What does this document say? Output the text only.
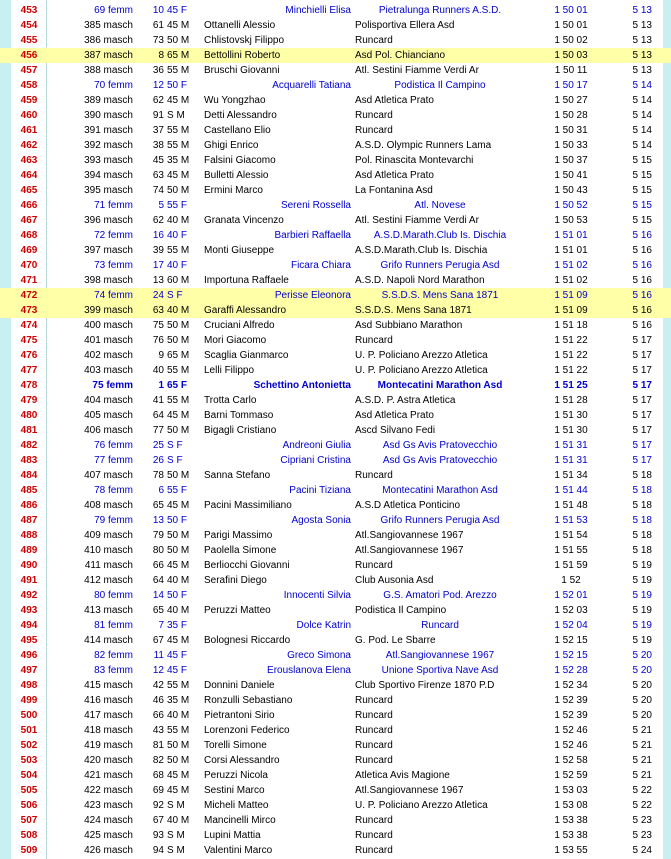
453	69 femm	10 45 F	Minchielli Elisa	Pietralunga Runners A.S.D.	1 50 01	5 13
454	385 masch	61 45 M	Ottanelli Alessio	Polisportiva Ellera Asd	1 50 01	5 13
455	386 masch	73 50 M	Chlistovskj Filippo	Runcard	1 50 02	5 13
456	387 masch	8 65 M	Bettollini Roberto	Asd Pol. Chianciano	1 50 03	5 13
457	388 masch	36 55 M	Bruschi Giovanni	Atl. Sestini Fiamme Verdi Ar	1 50 11	5 13
458	70 femm	12 50 F	Acquarelli Tatiana	Podistica Il Campino	1 50 17	5 14
459	389 masch	62 45 M	Wu Yongzhao	Asd Atletica Prato	1 50 27	5 14
460	390 masch	91 S M	Detti Alessandro	Runcard	1 50 28	5 14
461	391 masch	37 55 M	Castellano Elio	Runcard	1 50 31	5 14
462	392 masch	38 55 M	Ghigi Enrico	A.S.D. Olympic Runners Lama	1 50 33	5 14
463	393 masch	45 35 M	Falsini Giacomo	Pol. Rinascita Montevarchi	1 50 37	5 15
464	394 masch	63 45 M	Bulletti Alessio	Asd Atletica Prato	1 50 41	5 15
465	395 masch	74 50 M	Ermini Marco	La Fontanina Asd	1 50 43	5 15
466	71 femm	5 55 F	Sereni Rossella	Atl. Novese	1 50 52	5 15
467	396 masch	62 40 M	Granata Vincenzo	Atl. Sestini Fiamme Verdi Ar	1 50 53	5 15
468	72 femm	16 40 F	Barbieri Raffaella	A.S.D.Marath.Club Is. Dischia	1 51 01	5 16
469	397 masch	39 55 M	Monti Giuseppe	A.S.D.Marath.Club Is. Dischia	1 51 01	5 16
470	73 femm	17 40 F	Ficara Chiara	Grifo Runners Perugia Asd	1 51 02	5 16
471	398 masch	13 60 M	Importuna Raffaele	A.S.D. Napoli Nord Marathon	1 51 02	5 16
472	74 femm	24 S F	Perisse Eleonora	S.S.D.S. Mens Sana 1871	1 51 09	5 16
473	399 masch	63 40 M	Garaffi Alessandro	S.S.D.S. Mens Sana 1871	1 51 09	5 16
474	400 masch	75 50 M	Cruciani Alfredo	Asd Subbiano Marathon	1 51 18	5 16
475	401 masch	76 50 M	Mori Giacomo	Runcard	1 51 22	5 17
476	402 masch	9 65 M	Scaglia Gianmarco	U. P. Policiano Arezzo Atletica	1 51 22	5 17
477	403 masch	40 55 M	Lelli Filippo	U. P. Policiano Arezzo Atletica	1 51 22	5 17
478	75 femm	1 65 F	Schettino Antonietta	Montecatini Marathon Asd	1 51 25	5 17
479	404 masch	41 55 M	Trotta Carlo	A.S.D. P. Astra Atletica	1 51 28	5 17
480	405 masch	64 45 M	Barni Tommaso	Asd Atletica Prato	1 51 30	5 17
481	406 masch	77 50 M	Bigagli Cristiano	Ascd Silvano Fedi	1 51 30	5 17
482	76 femm	25 S F	Andreoni Giulia	Asd Gs Avis Pratovecchio	1 51 31	5 17
483	77 femm	26 S F	Cipriani Cristina	Asd Gs Avis Pratovecchio	1 51 31	5 17
484	407 masch	78 50 M	Sanna Stefano	Runcard	1 51 34	5 18
485	78 femm	6 55 F	Pacini Tiziana	Montecatini Marathon Asd	1 51 44	5 18
486	408 masch	65 45 M	Pacini Massimiliano	A.S.D Atletica Ponticino	1 51 48	5 18
487	79 femm	13 50 F	Agosta Sonia	Grifo Runners Perugia Asd	1 51 53	5 18
488	409 masch	79 50 M	Parigi Massimo	Atl.Sangiovannese 1967	1 51 54	5 18
489	410 masch	80 50 M	Paolella Simone	Atl.Sangiovannese 1967	1 51 55	5 18
490	411 masch	66 45 M	Berliocchi Giovanni	Runcard	1 51 59	5 19
491	412 masch	64 40 M	Serafini Diego	Club Ausonia Asd	1 52	5 19
492	80 femm	14 50 F	Innocenti Silvia	G.S. Amatori Pod. Arezzo	1 52 01	5 19
493	413 masch	65 40 M	Peruzzi Matteo	Podistica Il Campino	1 52 03	5 19
494	81 femm	7 35 F	Dolce Katrin	Runcard	1 52 04	5 19
495	414 masch	67 45 M	Bolognesi Riccardo	G. Pod. Le Sbarre	1 52 15	5 19
496	82 femm	11 45 F	Greco Simona	Atl.Sangiovannese 1967	1 52 15	5 20
497	83 femm	12 45 F	Erouslanova Elena	Unione Sportiva Nave Asd	1 52 28	5 20
498	415 masch	42 55 M	Donnini Daniele	Club Sportivo Firenze 1870 P.D	1 52 34	5 20
499	416 masch	46 35 M	Ronzulli Sebastiano	Runcard	1 52 39	5 20
500	417 masch	66 40 M	Pietrantoni Sirio	Runcard	1 52 39	5 20
501	418 masch	43 55 M	Lorenzoni Federico	Runcard	1 52 46	5 21
502	419 masch	81 50 M	Torelli Simone	Runcard	1 52 46	5 21
503	420 masch	82 50 M	Corsi Alessandro	Runcard	1 52 58	5 21
504	421 masch	68 45 M	Peruzzi Nicola	Atletica Avis Magione	1 52 59	5 21
505	422 masch	69 45 M	Sestini Marco	Atl.Sangiovannese 1967	1 53 03	5 22
506	423 masch	92 S M	Micheli Matteo	U. P. Policiano Arezzo Atletica	1 53 08	5 22
507	424 masch	67 40 M	Mancinelli Mirco	Runcard	1 53 38	5 23
508	425 masch	93 S M	Lupini Mattia	Runcard	1 53 38	5 23
509	426 masch	94 S M	Valentini Marco	Runcard	1 53 55	5 24
